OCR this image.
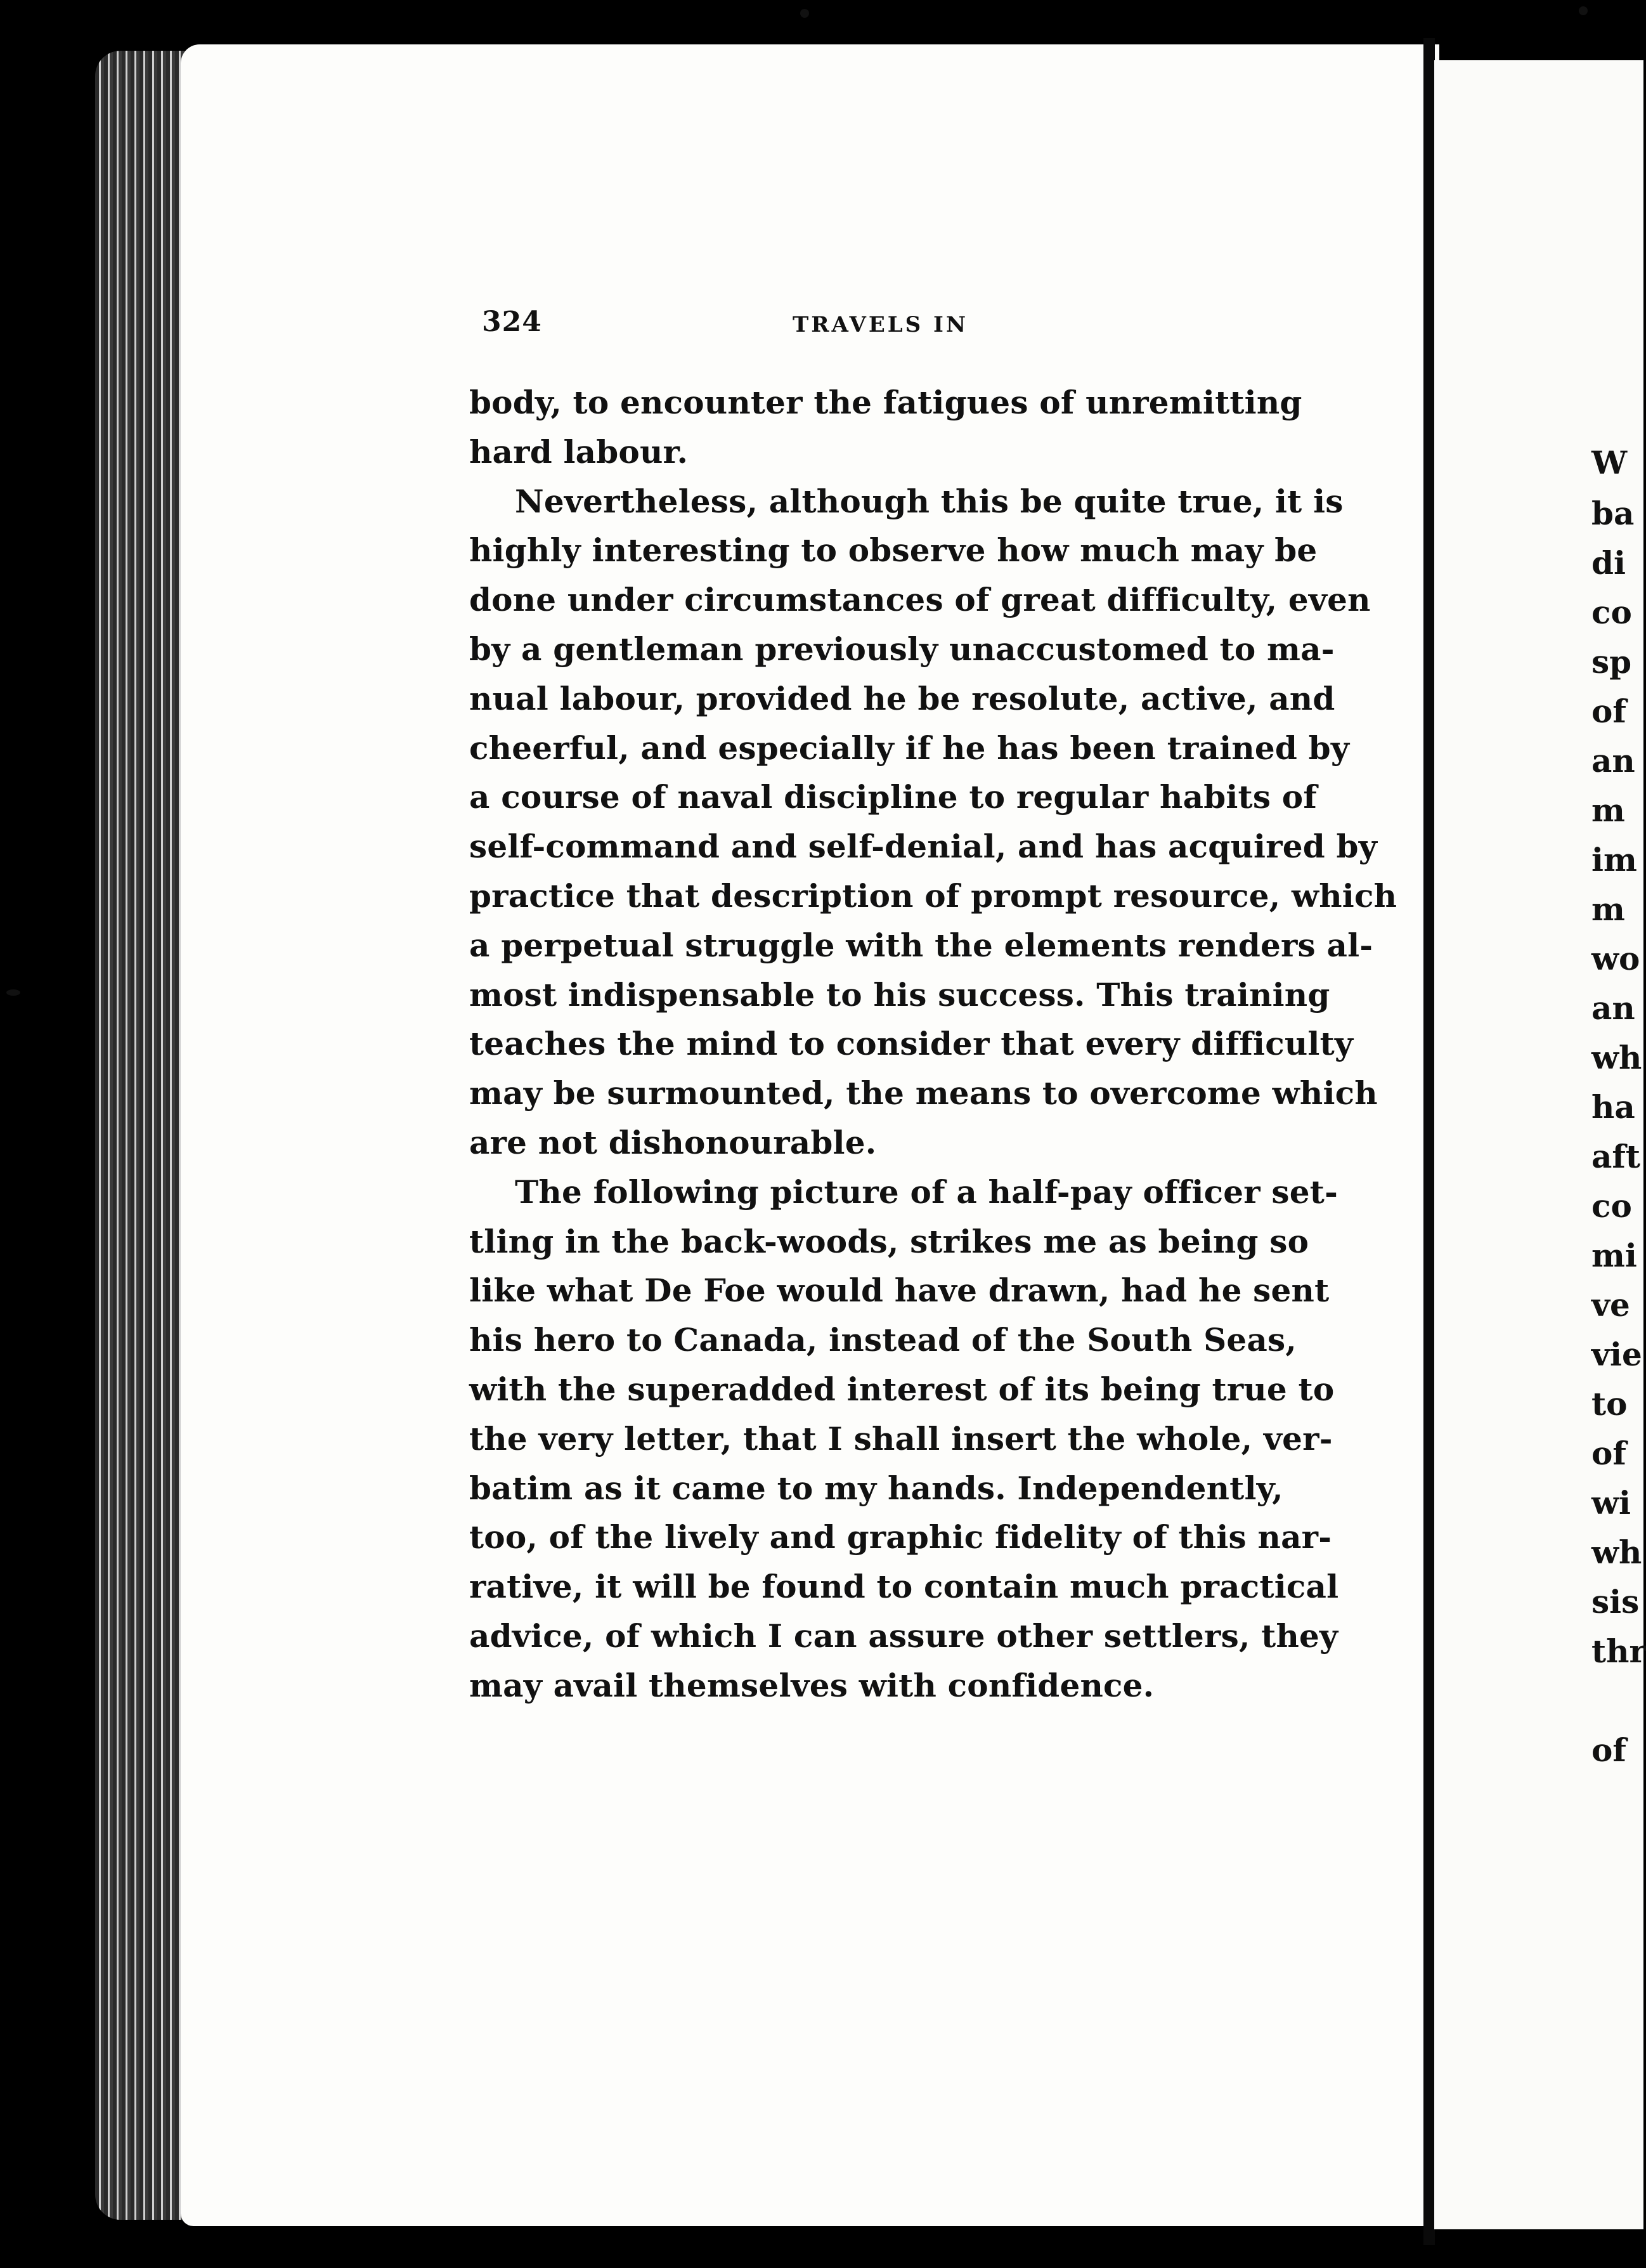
324	TRAVELS IN
body, to encounter the fatigues of unremitting
hard labour.
Nevertheless, although this be quite true, it is
highly interesting to observe how much may be
done under circumstances of great difficulty, even
by a gentleman previously unaccustomed to ma-
nual labour, provided he be resolute, active, and
cheerful, and especially if he has been trained by
a course of naval discipline to regular habits of
self-command and self-denial, and has acquired by
practice that description of prompt resource, which
a perpetual struggle with the elements renders al-
most indispensable to his success. This training
teaches the mind to consider that every difficulty
may be surmounted, the means to overcome which
are not dishonourable.
The following picture of a half-pay officer set-
tling in the back-woods, strikes me as being so
like what De Foe would have drawn, had he sent
his hero to Canada, instead of the South Seas,
with the superadded interest of its being true to
the very letter, that I shall insert the whole, ver-
batim as it came to my hands. Independently,
too, of the lively and graphic fidelity of this nar-
rative, it will be found to contain much practical
advice, of which I can assure other settlers, they
may avail themselves with confidence.
W
ba
di
co
sp
of
an
m
im
m
wo
an
wh
ha
aft
co
mi
ve
vie
to
of
wi
wh
sis
thr
of
